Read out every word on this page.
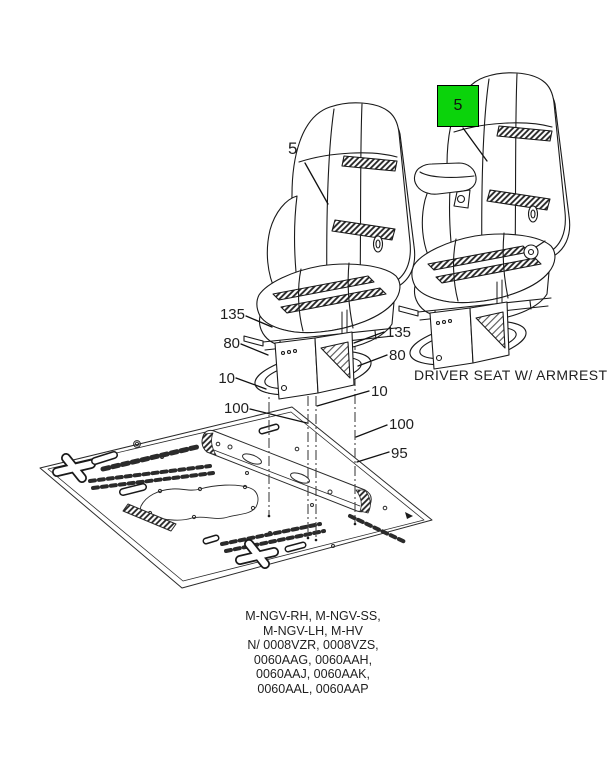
5
5
135
80
10
100
135
80
10
100
95
DRIVER SEAT W/ ARMREST
M-NGV-RH, M-NGV-SS,
M-NGV-LH, M-HV
N/ 0008VZR, 0008VZS,
0060AAG, 0060AAH,
0060AAJ, 0060AAK,
0060AAL, 0060AAP
